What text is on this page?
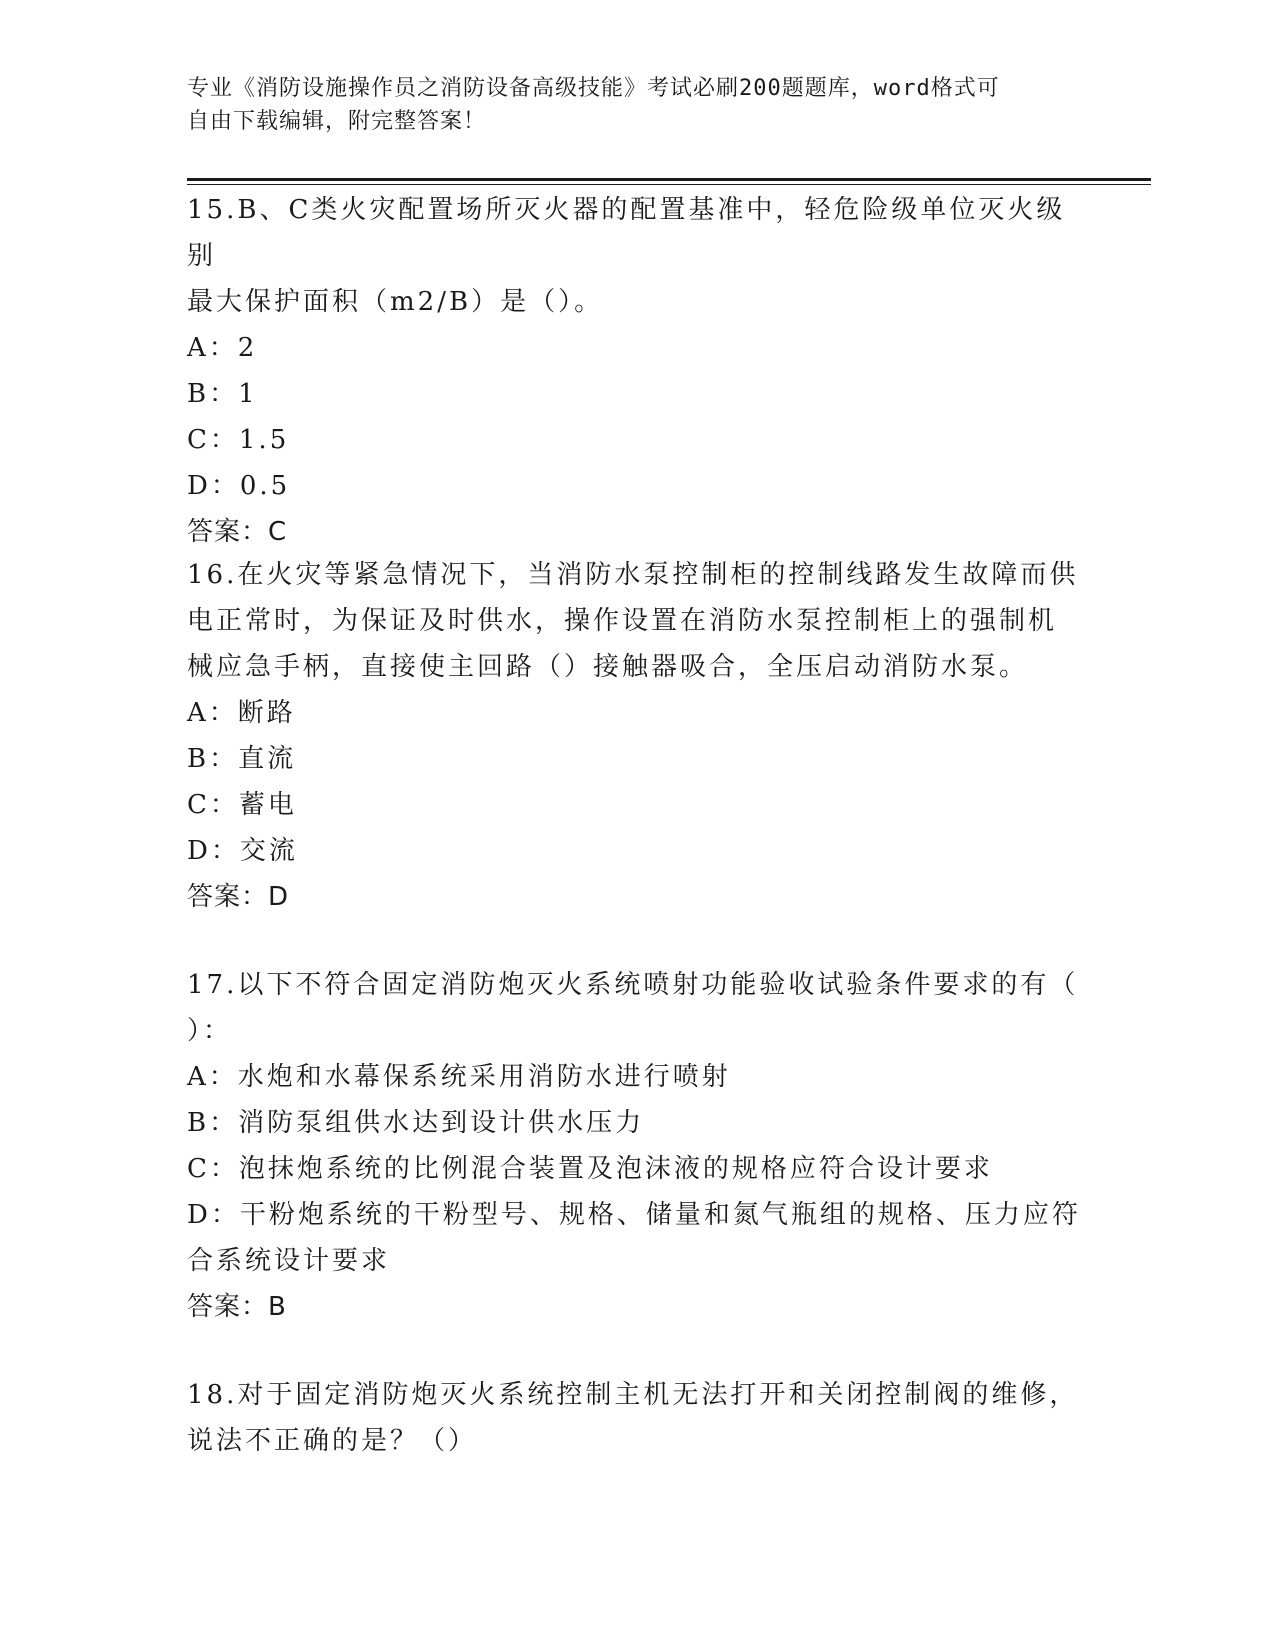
专业《消防设施操作员之消防设备高级技能》考试必刷200题题库，word格式可
自由下载编辑，附完整答案！

15.B、C类火灾配置场所灭火器的配置基准中，轻危险级单位灭火级别

最大保护面积（m2/B）是（）。

A：2

B：1

C：1.5

D：0.5

答案：C

16.在火灾等紧急情况下，当消防水泵控制柜的控制线路发生故障而供

电正常时，为保证及时供水，操作设置在消防水泵控制柜上的强制机

械应急手柄，直接使主回路（）接触器吸合，全压启动消防水泵。

A：断路

B：直流

C：蓄电

D：交流

答案：D

17.以下不符合固定消防炮灭火系统喷射功能验收试验条件要求的有（

）：

A：水炮和水幕保系统采用消防水进行喷射

B：消防泵组供水达到设计供水压力

C：泡抹炮系统的比例混合装置及泡沫液的规格应符合设计要求

D：干粉炮系统的干粉型号、规格、储量和氮气瓶组的规格、压力应符

合系统设计要求

答案：B

18.对于固定消防炮灭火系统控制主机无法打开和关闭控制阀的维修，

说法不正确的是？（）
